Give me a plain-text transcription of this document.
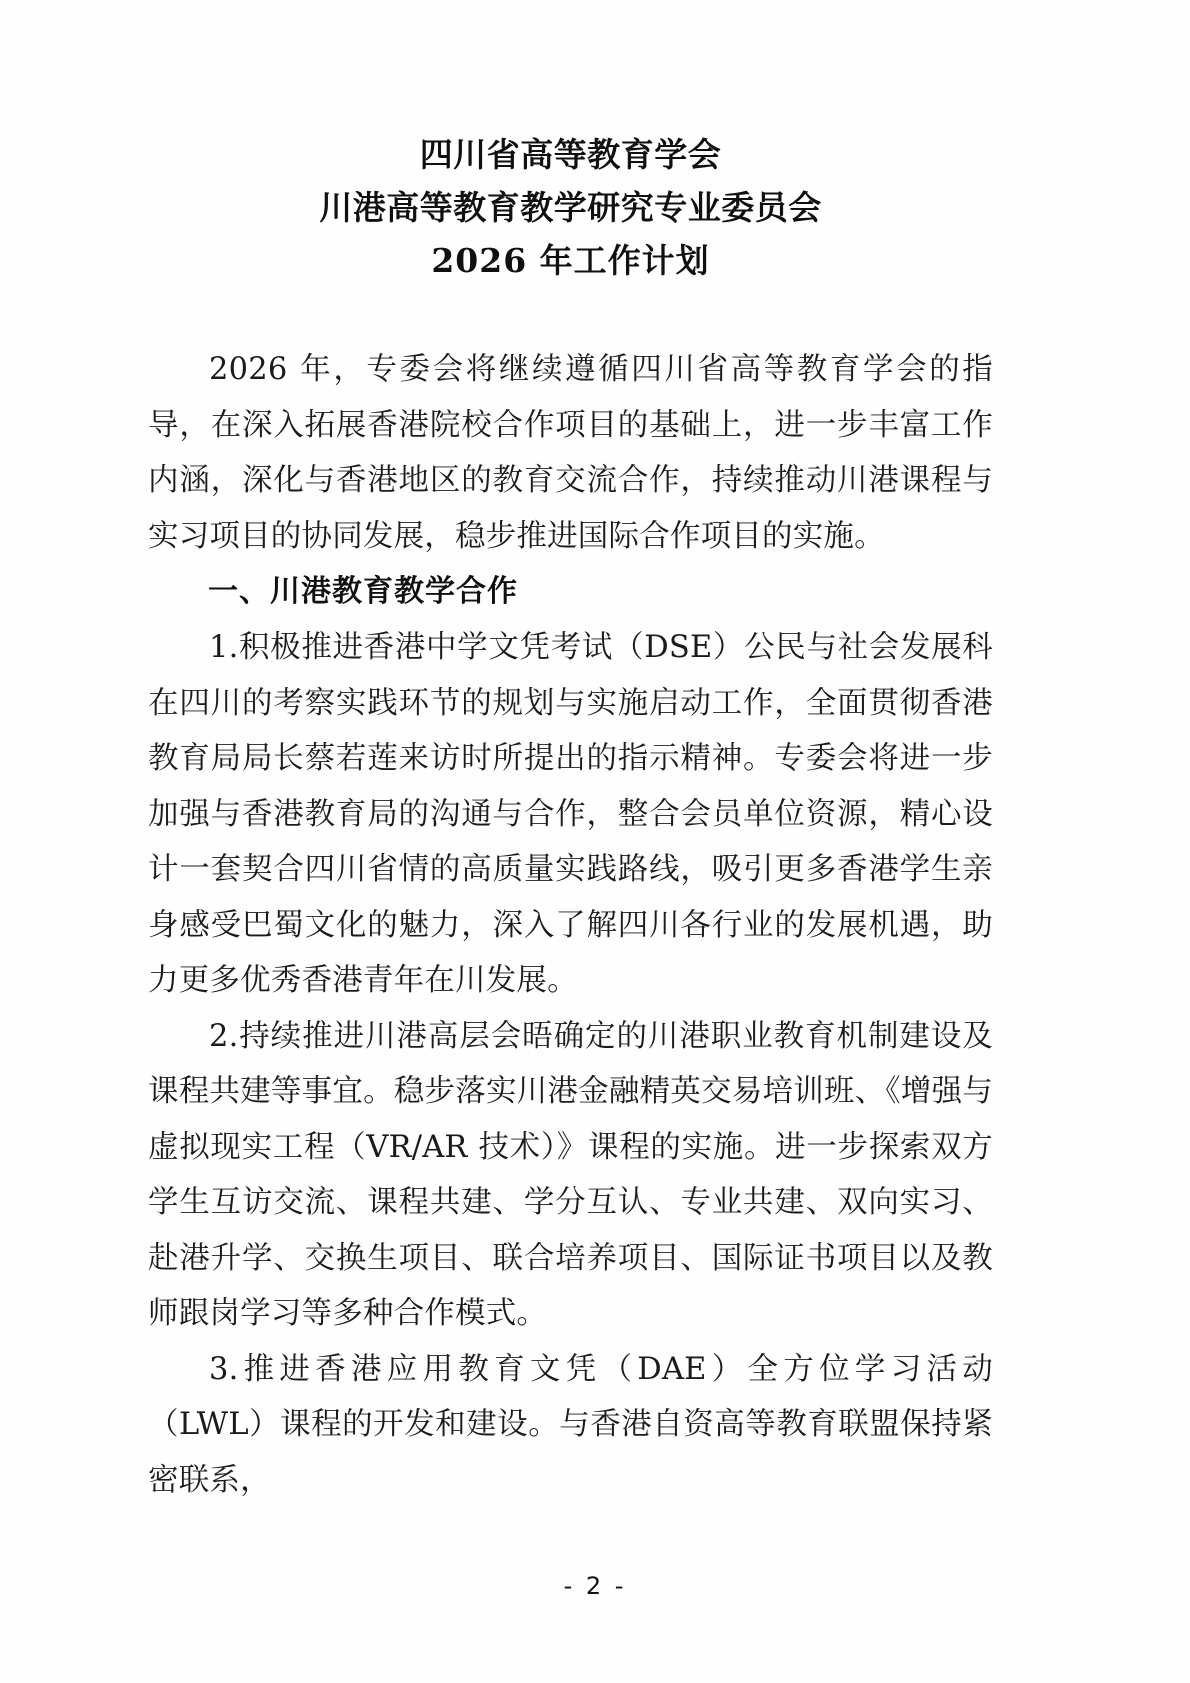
四川省高等教育学会
川港高等教育教学研究专业委员会
2026 年工作计划

2026 年，专委会将继续遵循四川省高等教育学会的指导，在深入拓展香港院校合作项目的基础上，进一步丰富工作内涵，深化与香港地区的教育交流合作，持续推动川港课程与实习项目的协同发展，稳步推进国际合作项目的实施。

一、川港教育教学合作

1.积极推进香港中学文凭考试（DSE）公民与社会发展科在四川的考察实践环节的规划与实施启动工作，全面贯彻香港教育局局长蔡若莲来访时所提出的指示精神。专委会将进一步加强与香港教育局的沟通与合作，整合会员单位资源，精心设计一套契合四川省情的高质量实践路线，吸引更多香港学生亲身感受巴蜀文化的魅力，深入了解四川各行业的发展机遇，助力更多优秀香港青年在川发展。

2.持续推进川港高层会晤确定的川港职业教育机制建设及课程共建等事宜。稳步落实川港金融精英交易培训班、《增强与虚拟现实工程（VR/AR 技术）》课程的实施。进一步探索双方学生互访交流、课程共建、学分互认、专业共建、双向实习、赴港升学、交换生项目、联合培养项目、国际证书项目以及教师跟岗学习等多种合作模式。

3.推进香港应用教育文凭（DAE）全方位学习活动（LWL）课程的开发和建设。与香港自资高等教育联盟保持紧密联系，

- 2 -
